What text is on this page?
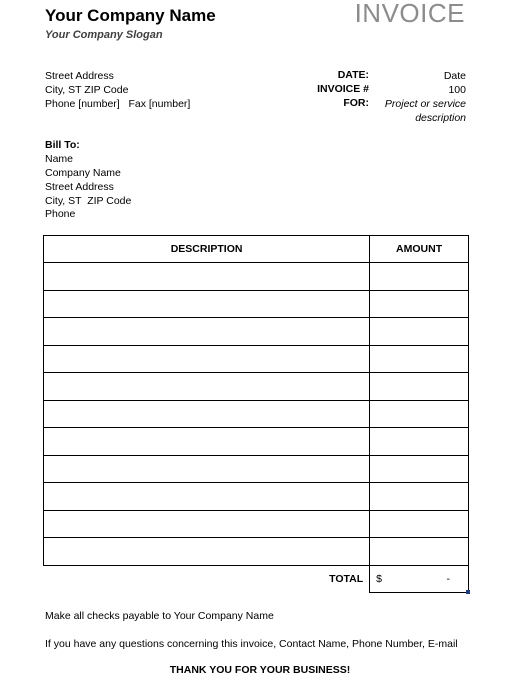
Your Company Name
Your Company Slogan
INVOICE
Street Address
City, ST ZIP Code
Phone [number]   Fax [number]
DATE:	Date
INVOICE #	100
FOR:	Project or service
description
Bill To:
Name
Company Name
Street Address
City, ST  ZIP Code
Phone
DESCRIPTION	AMOUNT

TOTAL	$ -
Make all checks payable to Your Company Name
If you have any questions concerning this invoice, Contact Name, Phone Number, E-mail
THANK YOU FOR YOUR BUSINESS!
